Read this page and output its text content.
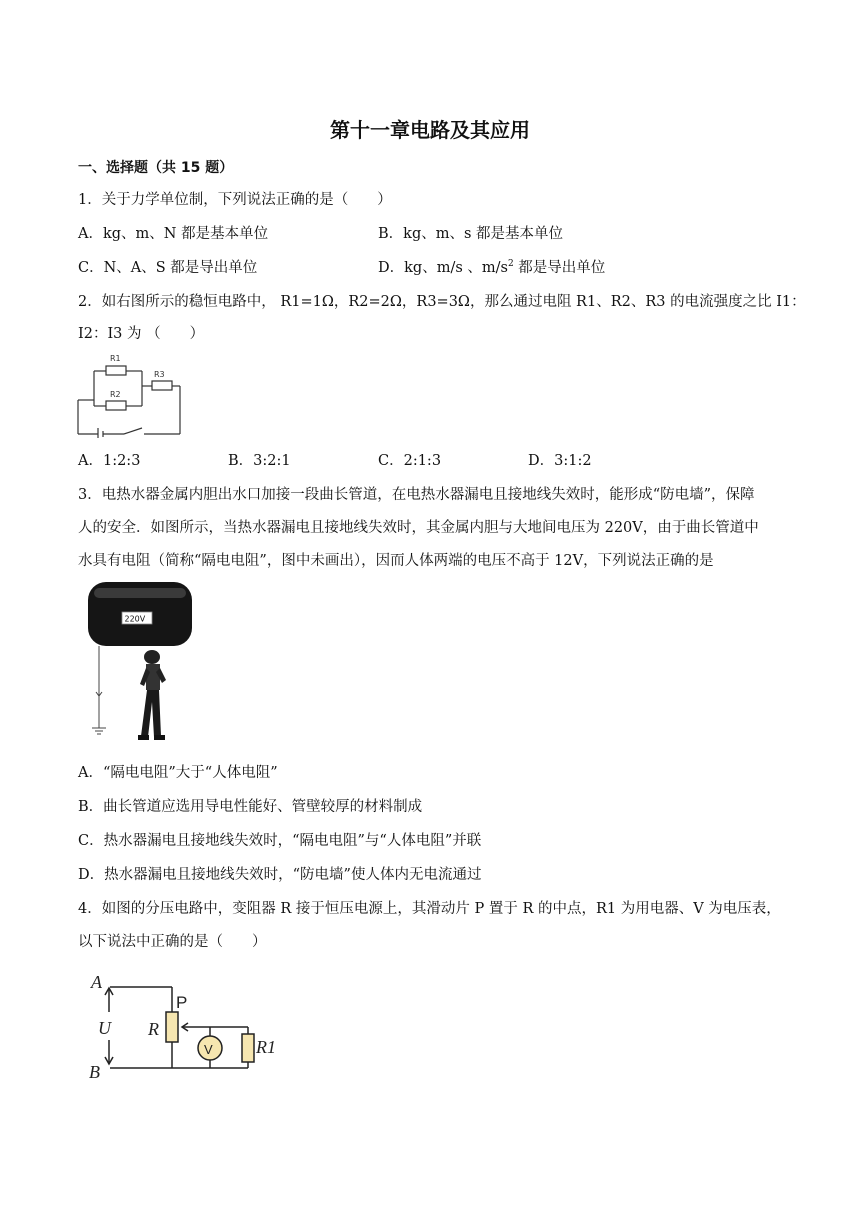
第十一章电路及其应用
一、选择题（共 15 题）
1．关于力学单位制，下列说法正确的是（　　）
A．kg、m、N 都是基本单位	B．kg、m、s 都是基本单位
C．N、A、S 都是导出单位	D．kg、m/s 、$m/s^2$ 都是导出单位
2．如右图所示的稳恒电路中， R1=1Ω，R2=2Ω，R3=3Ω，那么通过电阻 R1、R2、R3 的电流强度之比 I1：
I2：I3 为 （　　）
R1
R2
R3
A．1:2:3	B．3:2:1	C．2:1:3	D．3:1:2
3．电热水器金属内胆出水口加接一段曲长管道，在电热水器漏电且接地线失效时，能形成“防电墙”，保障
人的安全．如图所示，当热水器漏电且接地线失效时，其金属内胆与大地间电压为 220V，由于曲长管道中
水具有电阻（简称“隔电电阻”，图中未画出），因而人体两端的电压不高于 12V，下列说法正确的是
220V
A．“隔电电阻”大于“人体电阻”
B．曲长管道应选用导电性能好、管壁较厚的材料制成
C．热水器漏电且接地线失效时，“隔电电阻”与“人体电阻”并联
D．热水器漏电且接地线失效时，“防电墙”使人体内无电流通过
4．如图的分压电路中，变阻器 R 接于恒压电源上，其滑动片 P 置于 R 的中点，R1 为用电器、V 为电压表，
以下说法中正确的是（　　）
A
B
U R
R1
P
V
